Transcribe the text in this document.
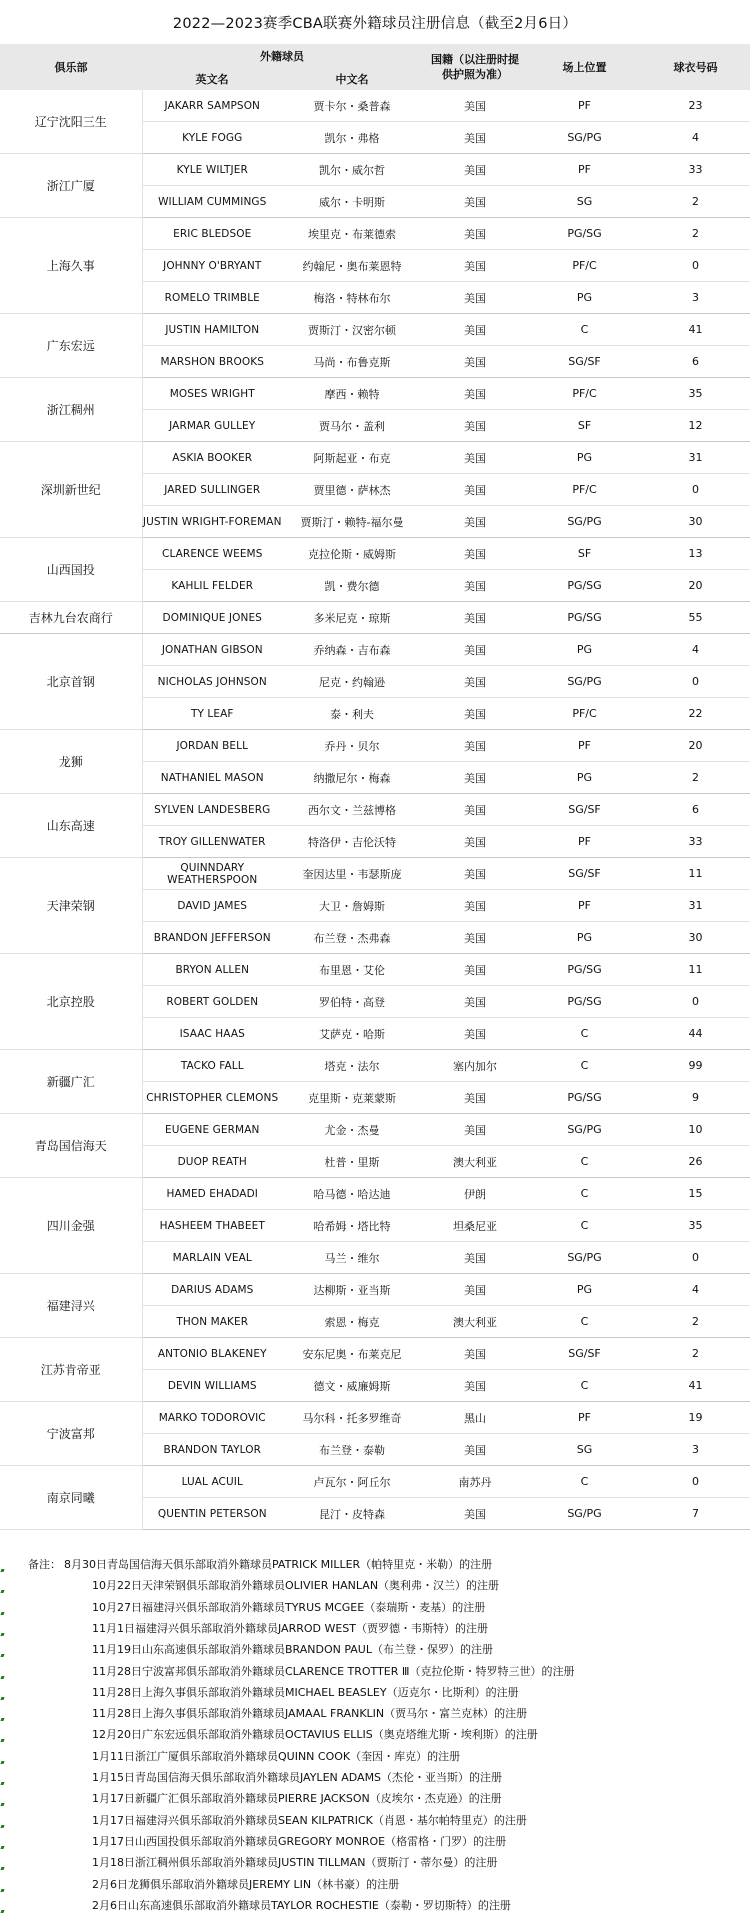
2022—2023赛季CBA联赛外籍球员注册信息（截至2月6日）
俱乐部	外籍球员		国籍（以注册时提供护照为准）	场上位置	球衣号码
	英文名	中文名			
辽宁沈阳三生	JAKARR SAMPSON	贾卡尔・桑普森	美国	PF	23
	KYLE FOGG	凯尔・弗格	美国	SG/PG	4
浙江广厦	KYLE WILTJER	凯尔・威尔哲	美国	PF	33
	WILLIAM CUMMINGS	威尔・卡明斯	美国	SG	2
上海久事	ERIC BLEDSOE	埃里克・布莱德索	美国	PG/SG	2
	JOHNNY O'BRYANT	约翰尼・奥布莱恩特	美国	PF/C	0
	ROMELO TRIMBLE	梅洛・特林布尔	美国	PG	3
广东宏远	JUSTIN HAMILTON	贾斯汀・汉密尔顿	美国	C	41
	MARSHON BROOKS	马尚・布鲁克斯	美国	SG/SF	6
浙江稠州	MOSES WRIGHT	摩西・赖特	美国	PF/C	35
	JARMAR GULLEY	贾马尔・盖利	美国	SF	12
深圳新世纪	ASKIA BOOKER	阿斯起亚・布克	美国	PG	31
	JARED SULLINGER	贾里德・萨林杰	美国	PF/C	0
	JUSTIN WRIGHT-FOREMAN	贾斯汀・赖特-福尔曼	美国	SG/PG	30
山西国投	CLARENCE WEEMS	克拉伦斯・威姆斯	美国	SF	13
	KAHLIL FELDER	凯・费尔德	美国	PG/SG	20
吉林九台农商行	DOMINIQUE JONES	多米尼克・琼斯	美国	PG/SG	55
北京首钢	JONATHAN GIBSON	乔纳森・吉布森	美国	PG	4
	NICHOLAS JOHNSON	尼克・约翰逊	美国	SG/PG	0
	TY LEAF	泰・利夫	美国	PF/C	22
龙狮	JORDAN BELL	乔丹・贝尔	美国	PF	20
	NATHANIEL MASON	纳撒尼尔・梅森	美国	PG	2
山东高速	SYLVEN LANDESBERG	西尔文・兰兹博格	美国	SG/SF	6
	TROY GILLENWATER	特洛伊・吉伦沃特	美国	PF	33
天津荣钢	QUINNDARY WEATHERSPOON	奎因达里・韦瑟斯庞	美国	SG/SF	11
	DAVID JAMES	大卫・詹姆斯	美国	PF	31
	BRANDON JEFFERSON	布兰登・杰弗森	美国	PG	30
北京控股	BRYON ALLEN	布里恩・艾伦	美国	PG/SG	11
	ROBERT GOLDEN	罗伯特・高登	美国	PG/SG	0
	ISAAC HAAS	艾萨克・哈斯	美国	C	44
新疆广汇	TACKO FALL	塔克・法尔	塞内加尔	C	99
	CHRISTOPHER CLEMONS	克里斯・克莱蒙斯	美国	PG/SG	9
青岛国信海天	EUGENE GERMAN	尤金・杰曼	美国	SG/PG	10
	DUOP REATH	杜普・里斯	澳大利亚	C	26
四川金强	HAMED EHADADI	哈马德・哈达迪	伊朗	C	15
	HASHEEM THABEET	哈希姆・塔比特	坦桑尼亚	C	35
	MARLAIN VEAL	马兰・维尔	美国	SG/PG	0
福建浔兴	DARIUS ADAMS	达柳斯・亚当斯	美国	PG	4
	THON MAKER	索恩・梅克	澳大利亚	C	2
江苏肯帝亚	ANTONIO BLAKENEY	安东尼奥・布莱克尼	美国	SG/SF	2
	DEVIN WILLIAMS	德文・威廉姆斯	美国	C	41
宁波富邦	MARKO TODOROVIC	马尔科・托多罗维奇	黑山	PF	19
	BRANDON TAYLOR	布兰登・泰勒	美国	SG	3
南京同曦	LUAL ACUIL	卢瓦尔・阿丘尔	南苏丹	C	0
	QUENTIN PETERSON	昆汀・皮特森	美国	SG/PG	7
备注： 8月30日青岛国信海天俱乐部取消外籍球员PATRICK MILLER（帕特里克・米勒）的注册
10月22日天津荣钢俱乐部取消外籍球员OLIVIER HANLAN（奥利弗・汉兰）的注册
10月27日福建浔兴俱乐部取消外籍球员TYRUS MCGEE（泰瑞斯・麦基）的注册
11月1日福建浔兴俱乐部取消外籍球员JARROD WEST（贾罗德・韦斯特）的注册
11月19日山东高速俱乐部取消外籍球员BRANDON PAUL（布兰登・保罗）的注册
11月28日宁波富邦俱乐部取消外籍球员CLARENCE TROTTER Ⅲ（克拉伦斯・特罗特三世）的注册
11月28日上海久事俱乐部取消外籍球员MICHAEL BEASLEY（迈克尔・比斯利）的注册
11月28日上海久事俱乐部取消外籍球员JAMAAL FRANKLIN（贾马尔・富兰克林）的注册
12月20日广东宏远俱乐部取消外籍球员OCTAVIUS ELLIS（奥克塔维尤斯・埃利斯）的注册
1月11日浙江广厦俱乐部取消外籍球员QUINN COOK（奎因・库克）的注册
1月15日青岛国信海天俱乐部取消外籍球员JAYLEN ADAMS（杰伦・亚当斯）的注册
1月17日新疆广汇俱乐部取消外籍球员PIERRE JACKSON（皮埃尔・杰克逊）的注册
1月17日福建浔兴俱乐部取消外籍球员SEAN KILPATRICK（肖恩・基尔帕特里克）的注册
1月17日山西国投俱乐部取消外籍球员GREGORY MONROE（格雷格・门罗）的注册
1月18日浙江稠州俱乐部取消外籍球员JUSTIN TILLMAN（贾斯汀・蒂尔曼）的注册
2月6日龙狮俱乐部取消外籍球员JEREMY LIN（林书豪）的注册
2月6日山东高速俱乐部取消外籍球员TAYLOR ROCHESTIE（泰勒・罗切斯特）的注册
